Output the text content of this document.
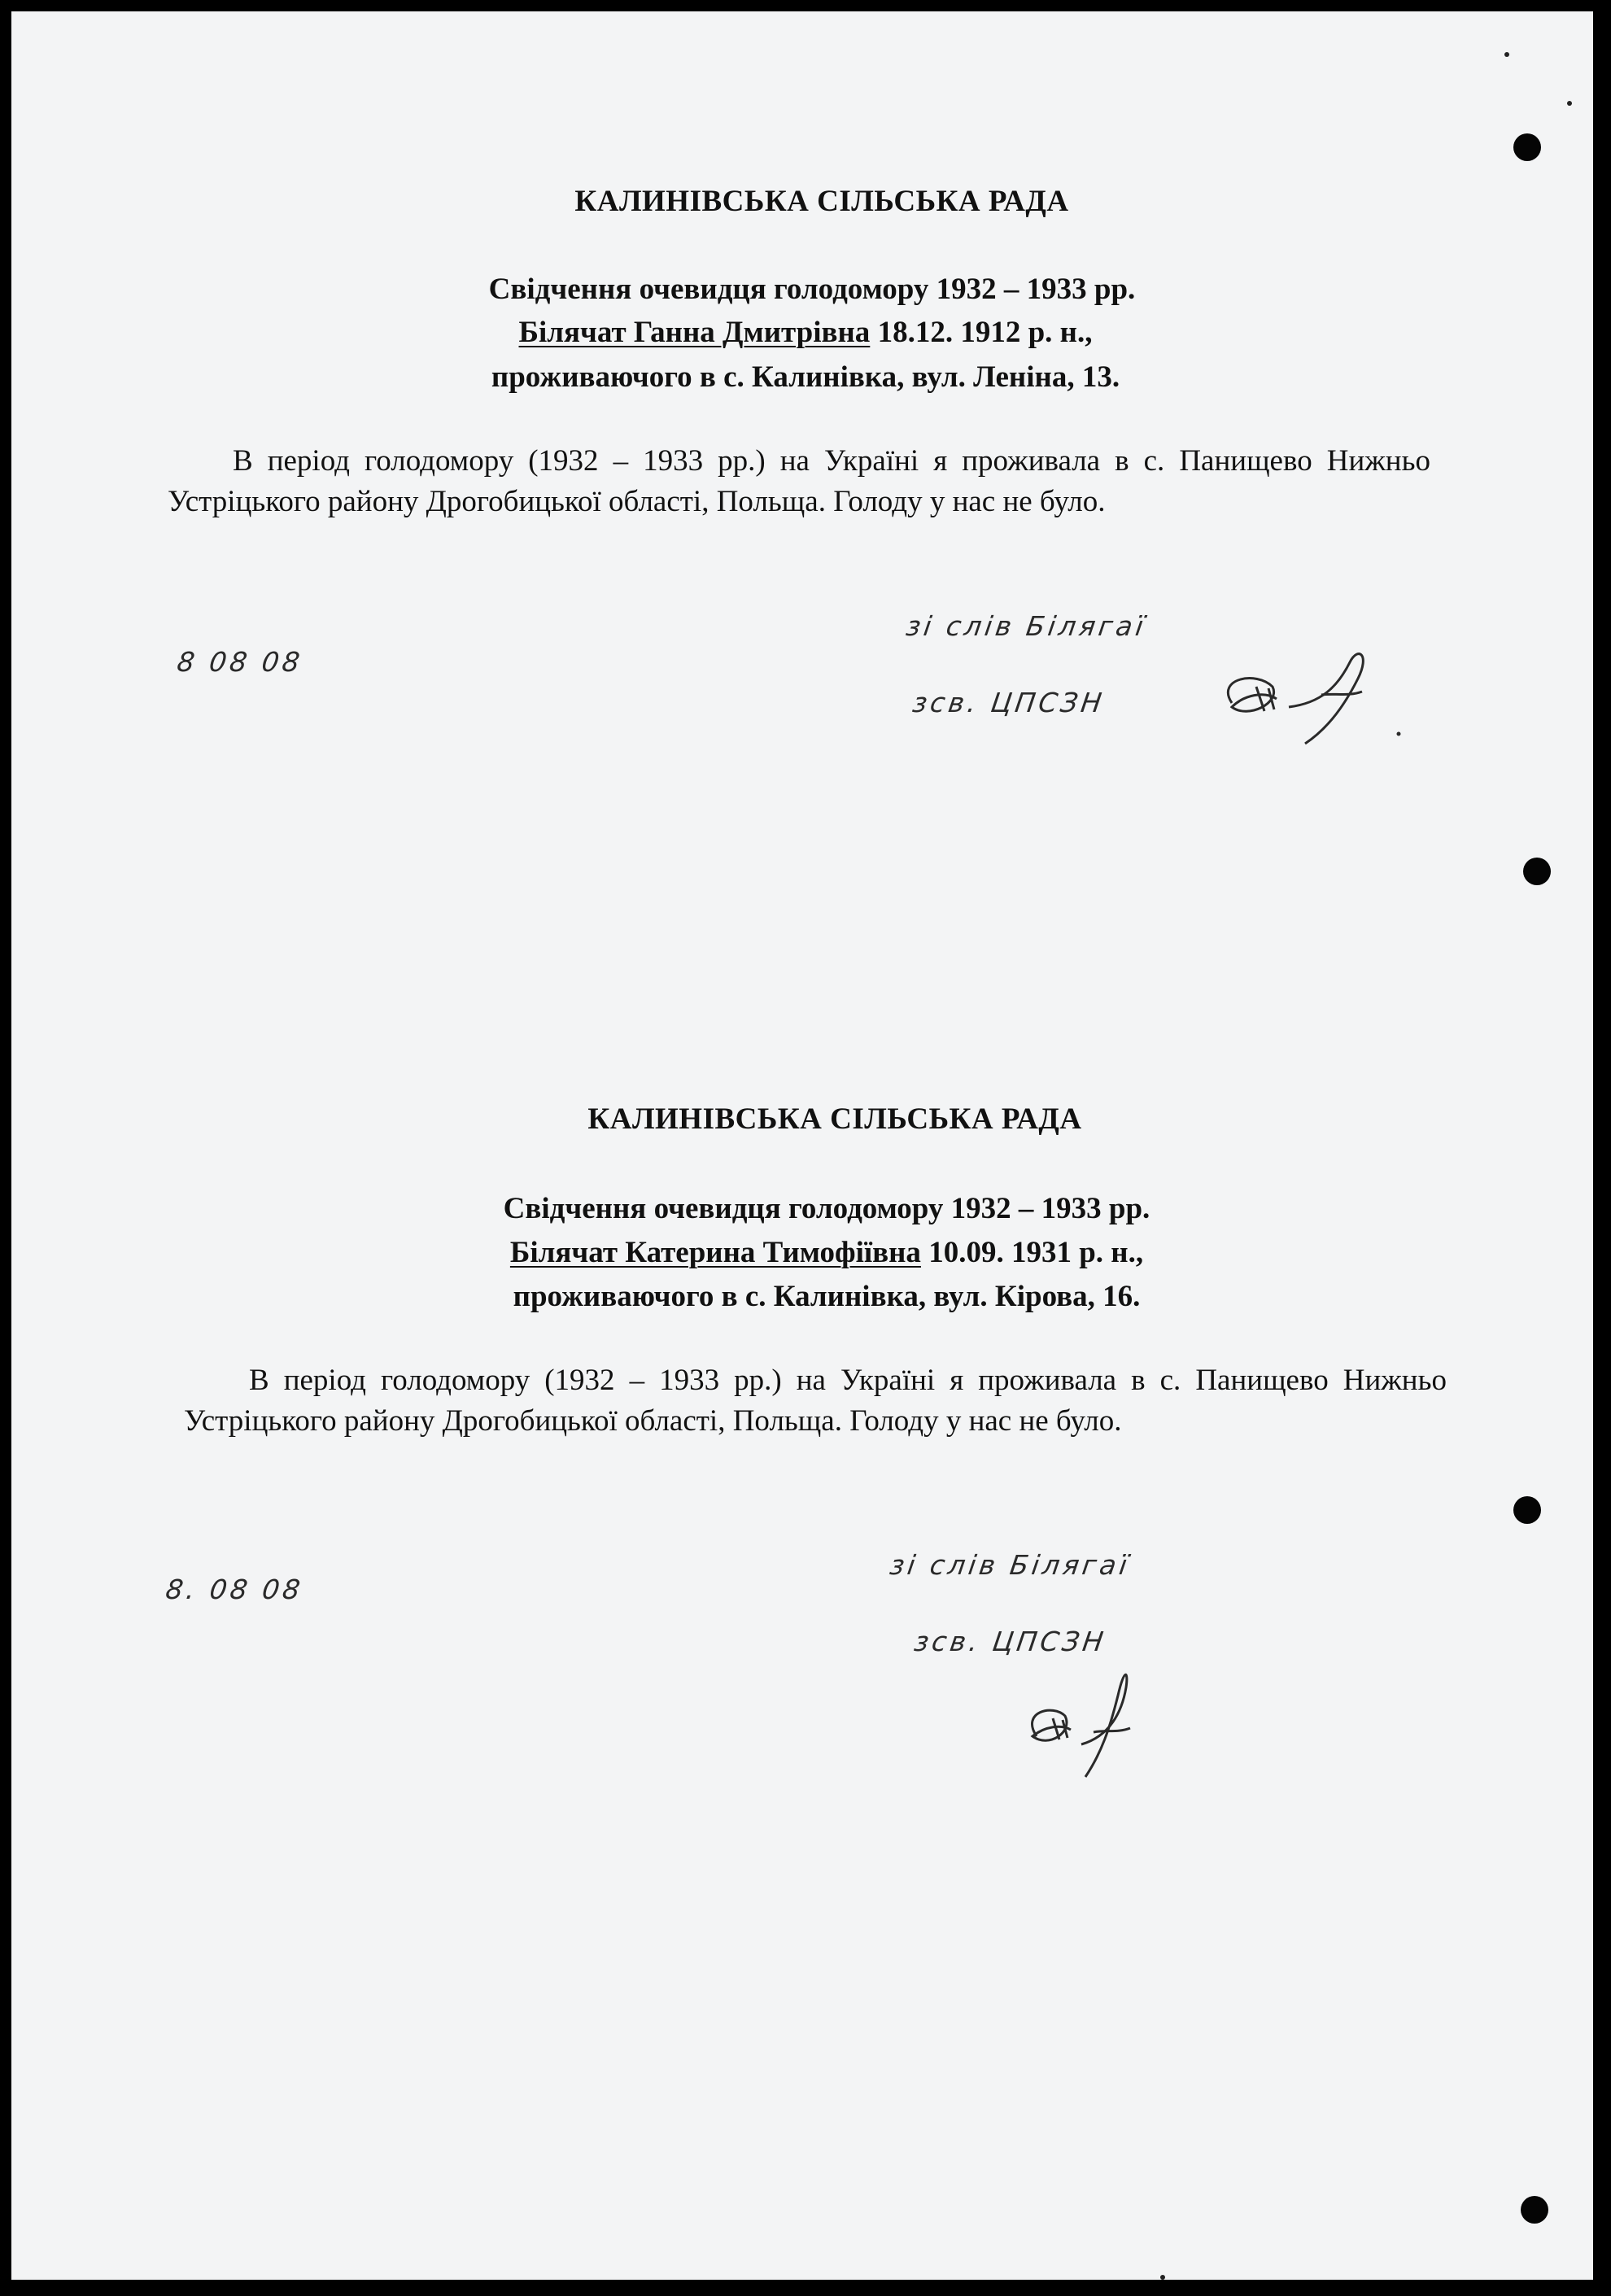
КАЛИНІВСЬКА СІЛЬСЬКА РАДА
Свідчення очевидця голодомору 1932 – 1933 рр.
Білячат Ганна Дмитрівна 18.12. 1912 р. н.,
проживаючого в с. Калинівка, вул. Леніна, 13.

В період голодомору (1932 – 1933 рр.) на Україні я проживала в с. Панищево Нижньо Устріцького району Дрогобицької області, Польща. Голоду у нас не було.

8 08 08
зі слів Білягаї
зсв. ЦПСЗН
КАЛИНІВСЬКА СІЛЬСЬКА РАДА
Свідчення очевидця голодомору 1932 – 1933 рр.
Білячат Катерина Тимофіївна 10.09. 1931 р. н.,
проживаючого в с. Калинівка, вул. Кірова, 16.

В період голодомору (1932 – 1933 рр.) на Україні я проживала в с. Панищево Нижньо Устріцького району Дрогобицької області, Польща. Голоду у нас не було.

8. 08 08
зі слів Білягаї
зсв. ЦПСЗН
